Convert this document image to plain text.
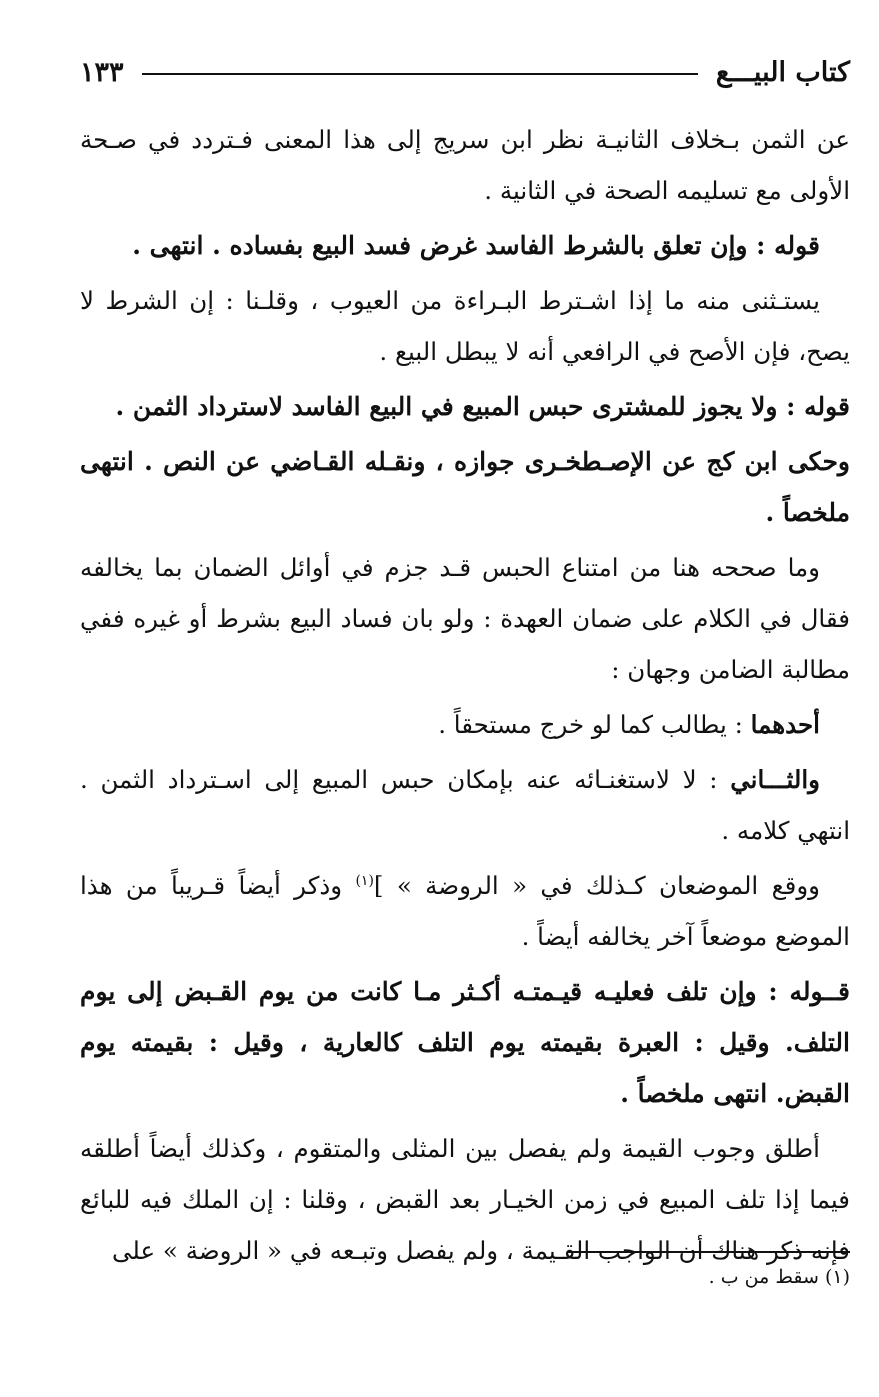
كتاب البيـــع
١٣٣

عن الثمن بـخلاف الثانيـة نظر ابن سريج إلى هذا المعنى فـتردد في صـحة الأولى مع تسليمه الصحة في الثانية .

قوله : وإن تعلق بالشرط الفاسد غرض فسد البيع بفساده . انتهى .

يستـثنى منه ما إذا اشـترط البـراءة من العيوب ، وقلـنا : إن الشرط لا يصح، فإن الأصح في الرافعي أنه لا يبطل البيع .

قوله : ولا يجوز للمشترى حبس المبيع في البيع الفاسد لاسترداد الثمن .

وحكى ابن كج عن الإصـطخـرى جوازه ، ونقـله القـاضي عن النص . انتهى ملخصاً .

وما صححه هنا من امتناع الحبس قـد جزم في أوائل الضمان بما يخالفه فقال في الكلام على ضمان العهدة : ولو بان فساد البيع بشرط أو غيره ففي مطالبة الضامن وجهان :

أحدهما : يطالب كما لو خرج مستحقاً .

والثـــاني : لا لاستغنـائه عنه بإمكان حبس المبيع إلى اسـترداد الثمن . انتهي كلامه .

ووقع الموضعان كـذلك في « الروضة » ]$^{(١)}$ وذكر أيضاً قـريباً من هذا الموضع موضعاً آخر يخالفه أيضاً .

قــوله : وإن تلف فعليـه قيـمتـه أكـثر مـا كانت من يوم القـبض إلى يوم التلف. وقيل : العبرة بقيمته يوم التلف كالعارية ، وقيل : بقيمته يوم القبض. انتهى ملخصاً .

أطلق وجوب القيمة ولم يفصل بين المثلى والمتقوم ، وكذلك أيضاً أطلقه فيما إذا تلف المبيع في زمن الخيـار بعد القبض ، وقلنا : إن الملك فيه للبائع فإنه ذكر هناك أن الواجب القـيمة ، ولم يفصل وتبـعه في « الروضة » على

(١) سقط من ب .
